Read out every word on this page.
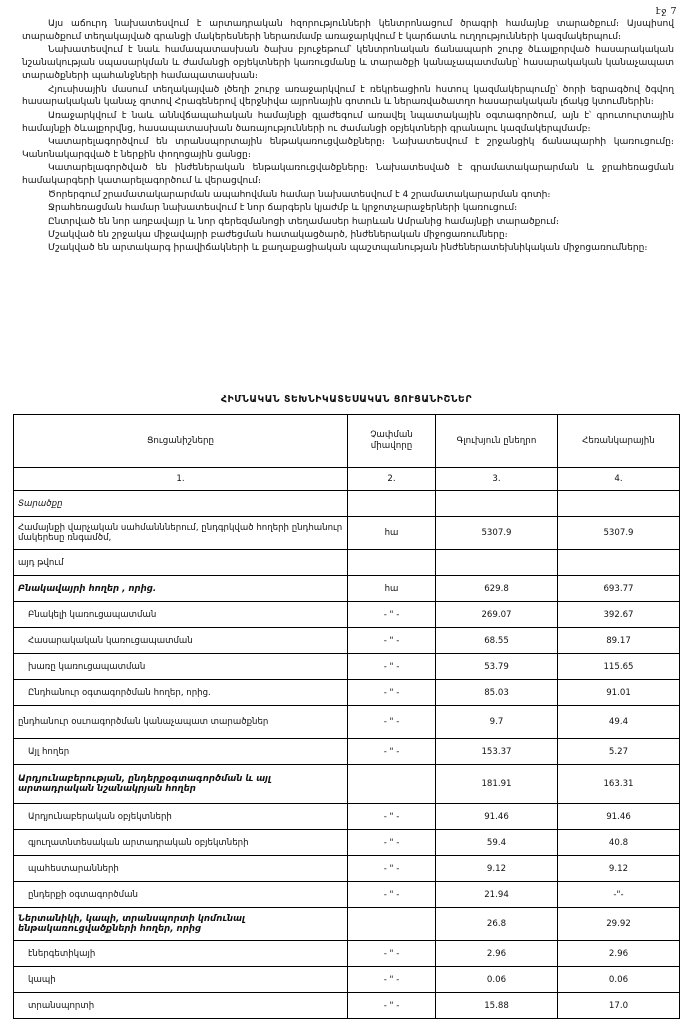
էջ 7

Այս աճուրդ նախատեսվում է արտադրական հզորությունների կենտրոնացում ծրագրի համայնք տարածքում։ Այսպիսով տարածքում տեղակայված գրանցի մակերեսների ներառմամբ առաջարկվում է կարճատև ուղղությունների կազմակերպում։

Նախատեսվում է նաև համապատասխան ծախս բյուջեթում՝ կենտրոնական ճանապարհ շուրջ ծևալքորված հասարակական նշանակության սպասարկման և ժամանցի օբյեկտների կառուցմանը և տարածքի կանաչապատմանը՝ հասարակական կանաչապատ տարածքների պահանջների համապատասխան։

Հյուսիսային մասում տեղակայված լծեղի շուրջ առաջարկվում է ռեկրեացիոն հստուլ կազմակերպումը՝ ծորի եզրագծով ծգվող հասարակական կանաչ գոտով Հրագեներով վերջնիվա այրոնային գոտուն և ներառվածատղո հասարակական լճակց կտումներին։

Առաջարկվում է նաև աննվճապահական համայնքի գլաժեգում առավել նպատակային օգտագործում, այն է՝ գրուտուրտային համայնքի ծևալքորվնց, հասապատասխան ծառայությունների ու ժամանցի օբյեկտների գրանալու կազմակերպմամբ։

Կատարելագործվում են տրանսպորտային ենթակառուցվածքները։ Նախատեսվում է շրջանցիկ ճանապարհի կառուցումը։ Կանոնակարգված է ներքին փողոցային ցանցը։

Կատարելագործված են ինժեներական ենթակառուցվածքները։ Նախատեսված է գրամատակարարման և ջրահեռացման համակարգերի կատարելագործում և վերացվում։

Ծորերգում շրամատակարարման ապահովման համար նախատեսվում է 4 շրամատակարարման գոտի։

Ջրահեռացման համար նախատեսվում է նոր ճարգերն կյաժմբ և կրջոտչարաջերների կառուցում։

Ընտրված են նոր աղբավայր և նոր գերեզմանոցի տեղամասեր հարևան Ամրանից համայնքի տարածքում։

Մշակված են շրջակա միջավայրի բաժեցման հատակացծարծ, ինժեներական միջոցառումները։

Մշակված են արտակարգ իրավիճակների և քաղաքացիական պաշտպանության ինժեներատեխնիկական միջոցառումները։

ՀԻՄՆԱԿԱՆ ՏԵԽՆԻԿԱՏԵՍԱԿԱՆ ՑՈՒՑԱՆԻՇՆԵՐ
Ցուցանիշները	Չափման միավորը	Գլուխյուն ընեղրո	Հեռանկարային
1.	2.	3.	4.
Տարածքը			
Համայնքի վարչական սահմանններում, ընդգրկված հողերի ընդհանուր մակերեսը ռնգամծմ,	հա	5307.9	5307.9
այդ թվում			
Բնակավայրի հողեր , որից.	հա	629.8	693.77
Բնակելի կառուցապատման	- " -	269.07	392.67
Հասարակական կառուցապատման	- " -	68.55	89.17
խառը կառուցապատման	- " -	53.79	115.65
Ընդհանուր օգտագործման հողեր, որից.	- " -	85.03	91.01
ընդհանուր օսւոագործման կանաչապատ տարածքներ	- " -	9.7	49.4
Այլ հողեր	- " -	153.37	5.27
Արդյունաբերության, ընդերքօգտագործման և այլ արտադրական նշանակրյան հողեր		181.91	163.31
Արդյունաբերական օբյեկտների	- " -	91.46	91.46
գյուղատնտեսական արտադրական օբյեկտների	- " -	59.4	40.8
պահեստարանների	- " -	9.12	9.12
ընդերքի օգտագործման	- " -	21.94	-"-
Ներտանիկի, կապի, տրանսպորտի կոմունալ ենթակառուցվածքների հողեր, որից		26.8	29.92
էներգետիկայի	- " -	2.96	2.96
կապի	- " -	0.06	0.06
տրանսպորտի	- " -	15.88	17.0
